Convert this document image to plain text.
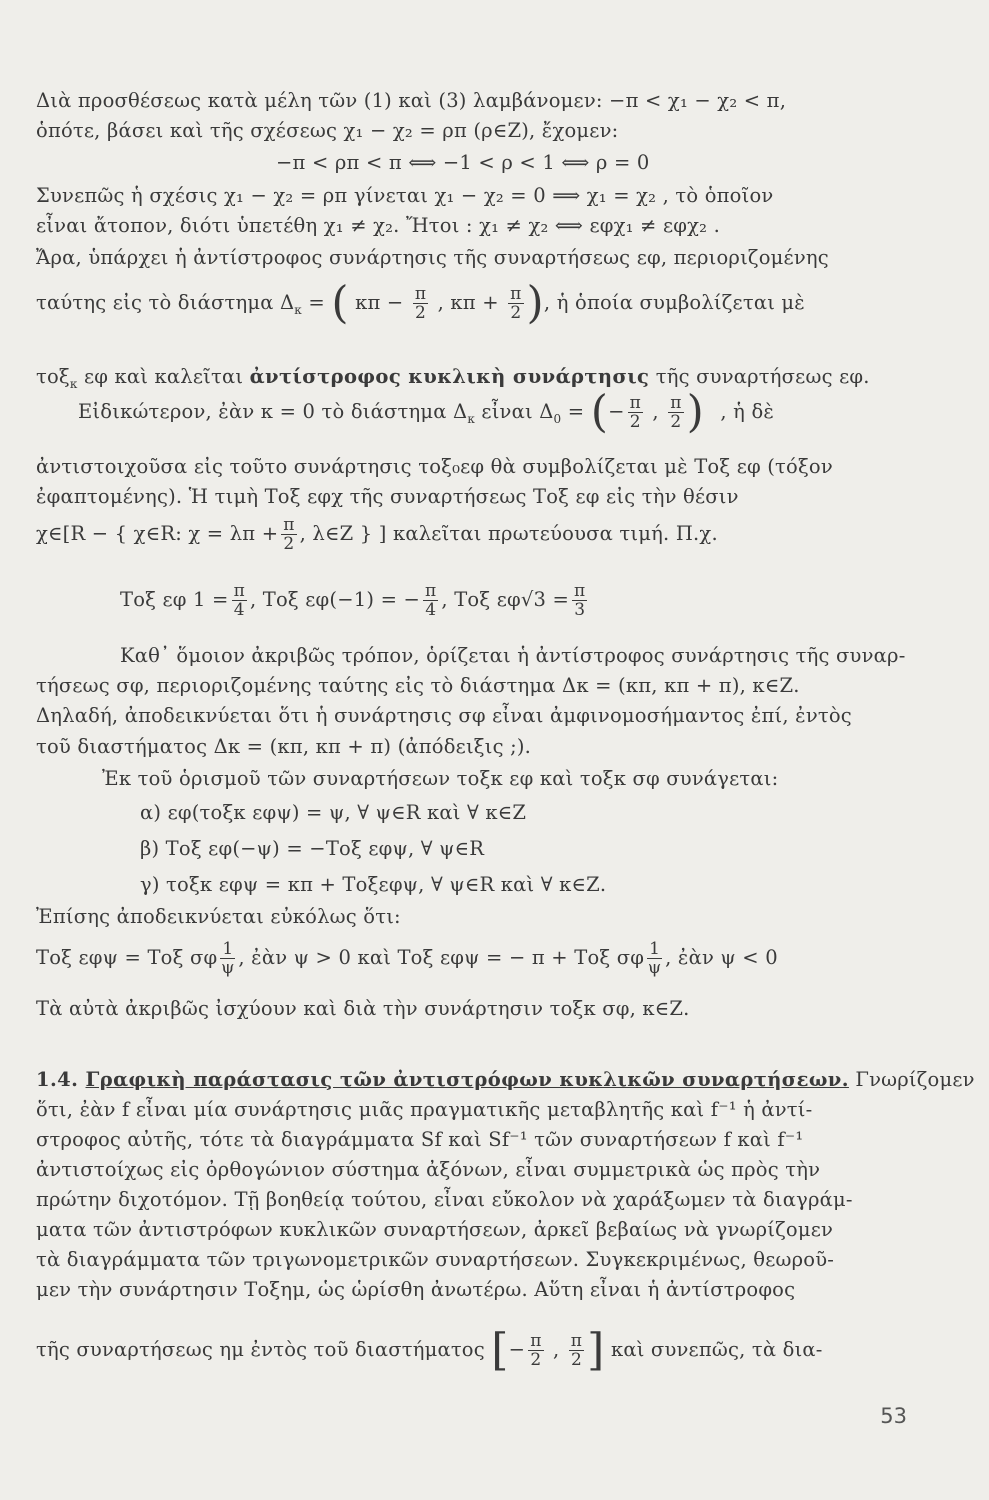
Διὰ προσθέσεως κατὰ μέλη τῶν (1) καὶ (3) λαμβάνομεν: −π < χ₁ − χ₂ < π,
ὁπότε, βάσει καὶ τῆς σχέσεως χ₁ − χ₂ = ρπ (ρ∈Ζ), ἔχομεν:
−π < ρπ < π ⟺ −1 < ρ < 1 ⟺ ρ = 0
Συνεπῶς ἡ σχέσις χ₁ − χ₂ = ρπ γίνεται χ₁ − χ₂ = 0 ⟹ χ₁ = χ₂ , τὸ ὁποῖον
εἶναι ἄτοπον, διότι ὑπετέθη χ₁ ≠ χ₂. Ἤτοι : χ₁ ≠ χ₂ ⟺ εφχ₁ ≠ εφχ₂ .
Ἄρα, ὑπάρχει ἡ ἀντίστροφος συνάρτησις τῆς συναρτήσεως εφ, περιοριζομένης
ταύτης εἰς τὸ διάστημα $\Delta_\kappa$ = ( $\kappa\pi - \frac{\pi}{2}$ , $\kappa\pi + \frac{\pi}{2}$ ), ἡ ὁποία συμβολίζεται μὲ
τοξ$_\kappa$ εφ καὶ καλεῖται ἀντίστροφος κυκλικὴ συνάρτησις τῆς συναρτήσεως εφ.
Εἰδικώτερον, ἐὰν κ = 0 τὸ διάστημα $\Delta_\kappa$ εἶναι $\Delta_0$ = (− $\frac{\pi}{2}$ , $\frac{\pi}{2}$ ) , ἡ δὲ
ἀντιστοιχοῦσα εἰς τοῦτο συνάρτησις τοξ₀εφ θὰ συμβολίζεται μὲ Τοξ εφ (τόξον
ἐφαπτομένης). Ἡ τιμὴ Τοξ εφχ τῆς συναρτήσεως Τοξ εφ εἰς τὴν θέσιν
χ∈[R − { χ∈R: $\chi = \lambda\pi + \frac{\pi}{2}$ , λ∈Ζ } ] καλεῖται πρωτεύουσα τιμή. Π.χ.
Τοξ εφ $1 = \frac{\pi}{4}$ , Τοξ εφ(−1) = − $\frac{\pi}{4}$ , Τοξ $\varepsilon\varphi√3 = \frac{\pi}{3}$
Καθ᾽ ὅμοιον ἀκριβῶς τρόπον, ὁρίζεται ἡ ἀντίστροφος συνάρτησις τῆς συναρ-
τήσεως σφ, περιοριζομένης ταύτης εἰς τὸ διάστημα Δκ = (κπ, κπ + π), κ∈Ζ.
Δηλαδή, ἀποδεικνύεται ὅτι ἡ συνάρτησις σφ εἶναι ἀμφινομοσήμαντος ἐπί, ἐντὸς
τοῦ διαστήματος Δκ = (κπ, κπ + π) (ἀπόδειξις ;).
Ἐκ τοῦ ὁρισμοῦ τῶν συναρτήσεων τοξκ εφ καὶ τοξκ σφ συνάγεται:
α) εφ(τοξκ εφψ) = ψ, ∀ ψ∈R καὶ ∀ κ∈Ζ
β) Τοξ εφ(−ψ) = −Τοξ εφψ, ∀ ψ∈R
γ) τοξκ εφψ = κπ + Τοξεφψ, ∀ ψ∈R καὶ ∀ κ∈Ζ.
Ἐπίσης ἀποδεικνύεται εὐκόλως ὅτι:
Τοξ εφψ = Τοξ σφ $\frac{1}{\psi}$ , ἐὰν ψ > 0 καὶ Τοξ εφψ = − π + Τοξ σφ $\frac{1}{\psi}$ , ἐὰν ψ < 0
Τὰ αὐτὰ ἀκριβῶς ἰσχύουν καὶ διὰ τὴν συνάρτησιν τοξκ σφ, κ∈Ζ.
1.4. Γραφικὴ παράστασις τῶν ἀντιστρόφων κυκλικῶν συναρτήσεων. Γνωρίζομεν
ὅτι, ἐὰν f εἶναι μία συνάρτησις μιᾶς πραγματικῆς μεταβλητῆς καὶ f⁻¹ ἡ ἀντί-
στροφος αὐτῆς, τότε τὰ διαγράμματα Sf καὶ Sf⁻¹ τῶν συναρτήσεων f καὶ f⁻¹
ἀντιστοίχως εἰς ὀρθογώνιον σύστημα ἀξόνων, εἶναι συμμετρικὰ ὡς πρὸς τὴν
πρώτην διχοτόμον. Τῇ βοηθείᾳ τούτου, εἶναι εὔκολον νὰ χαράξωμεν τὰ διαγράμ-
ματα τῶν ἀντιστρόφων κυκλικῶν συναρτήσεων, ἀρκεῖ βεβαίως νὰ γνωρίζομεν
τὰ διαγράμματα τῶν τριγωνομετρικῶν συναρτήσεων. Συγκεκριμένως, θεωροῦ-
μεν τὴν συνάρτησιν Τοξημ, ὡς ὡρίσθη ἀνωτέρω. Αὕτη εἶναι ἡ ἀντίστροφος
τῆς συναρτήσεως ημ ἐντὸς τοῦ διαστήματος [− $\frac{\pi}{2}$ , $\frac{\pi}{2}$ ] καὶ συνεπῶς, τὰ δια-
53
